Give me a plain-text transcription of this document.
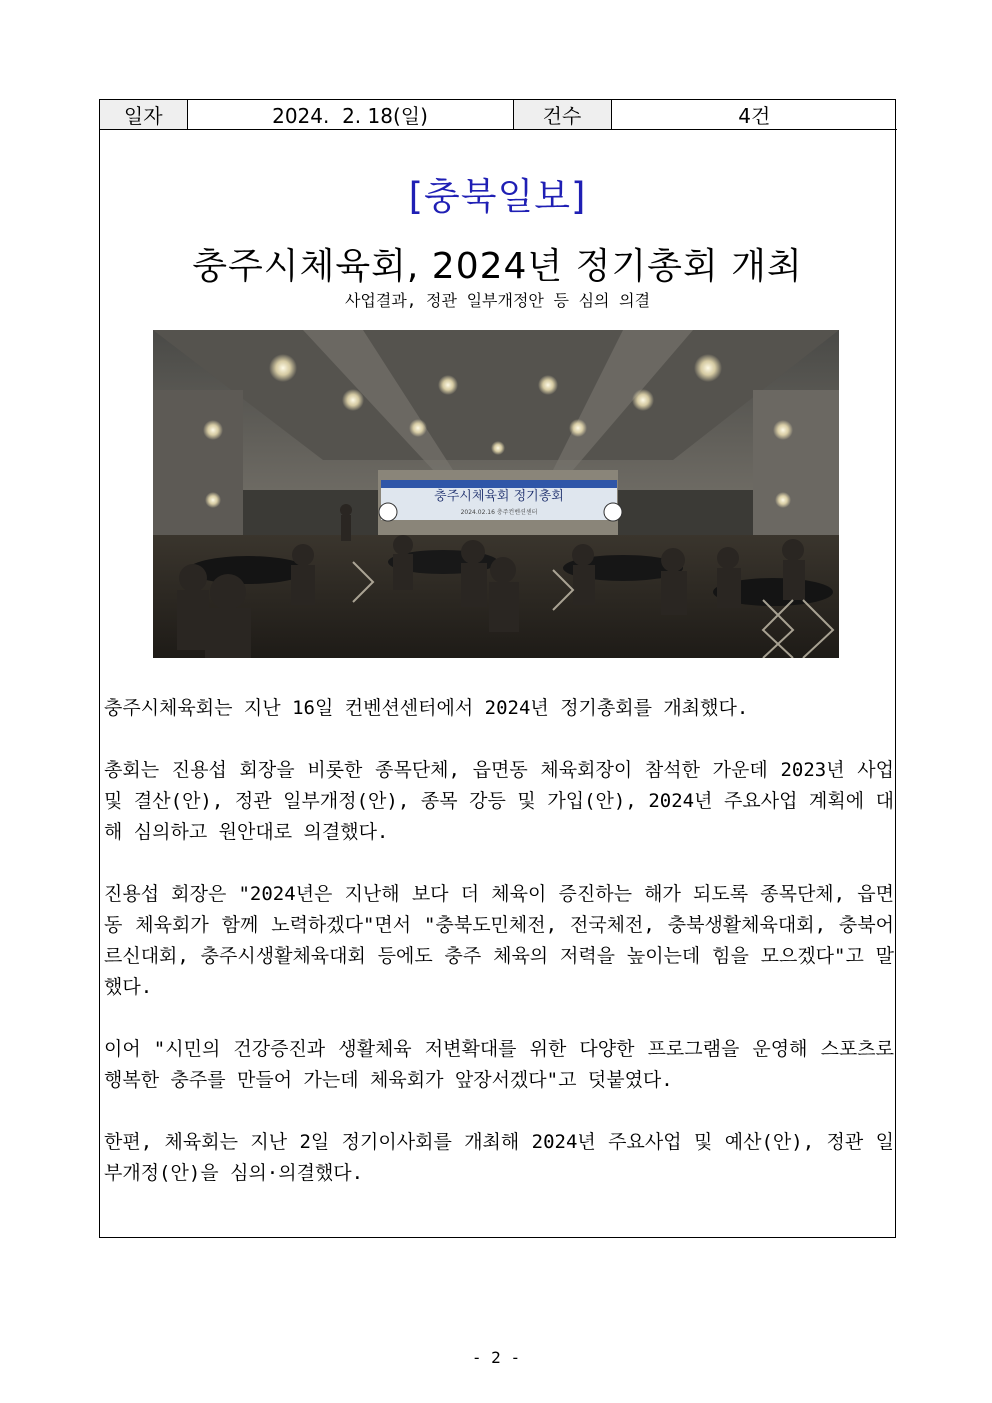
일자	2024.  2. 18(일)	건수	4건
[충북일보]
충주시체육회, 2024년 정기총회 개최
사업결과, 정관 일부개정안 등 심의 의결
충주시체육회 정기총회
2024.02.16 충주컨벤션센터

충주시체육회는 지난 16일 컨벤션센터에서 2024년 정기총회를 개최했다.

총회는 진용섭 회장을 비롯한 종목단체, 읍면동 체육회장이 참석한 가운데 2023년 사업 및 결산(안), 정관 일부개정(안), 종목 강등 및 가입(안), 2024년 주요사업 계획에 대해 심의하고 원안대로 의결했다.

진용섭 회장은 "2024년은 지난해 보다 더 체육이 증진하는 해가 되도록 종목단체, 읍면동 체육회가 함께 노력하겠다"면서 "충북도민체전, 전국체전, 충북생활체육대회, 충북어르신대회, 충주시생활체육대회 등에도 충주 체육의 저력을 높이는데 힘을 모으겠다"고 말했다.

이어 "시민의 건강증진과 생활체육 저변확대를 위한 다양한 프로그램을 운영해 스포츠로 행복한 충주를 만들어 가는데 체육회가 앞장서겠다"고 덧붙였다.

한편, 체육회는 지난 2일 정기이사회를 개최해 2024년 주요사업 및 예산(안), 정관 일부개정(안)을 심의·의결했다.

- 2 -
